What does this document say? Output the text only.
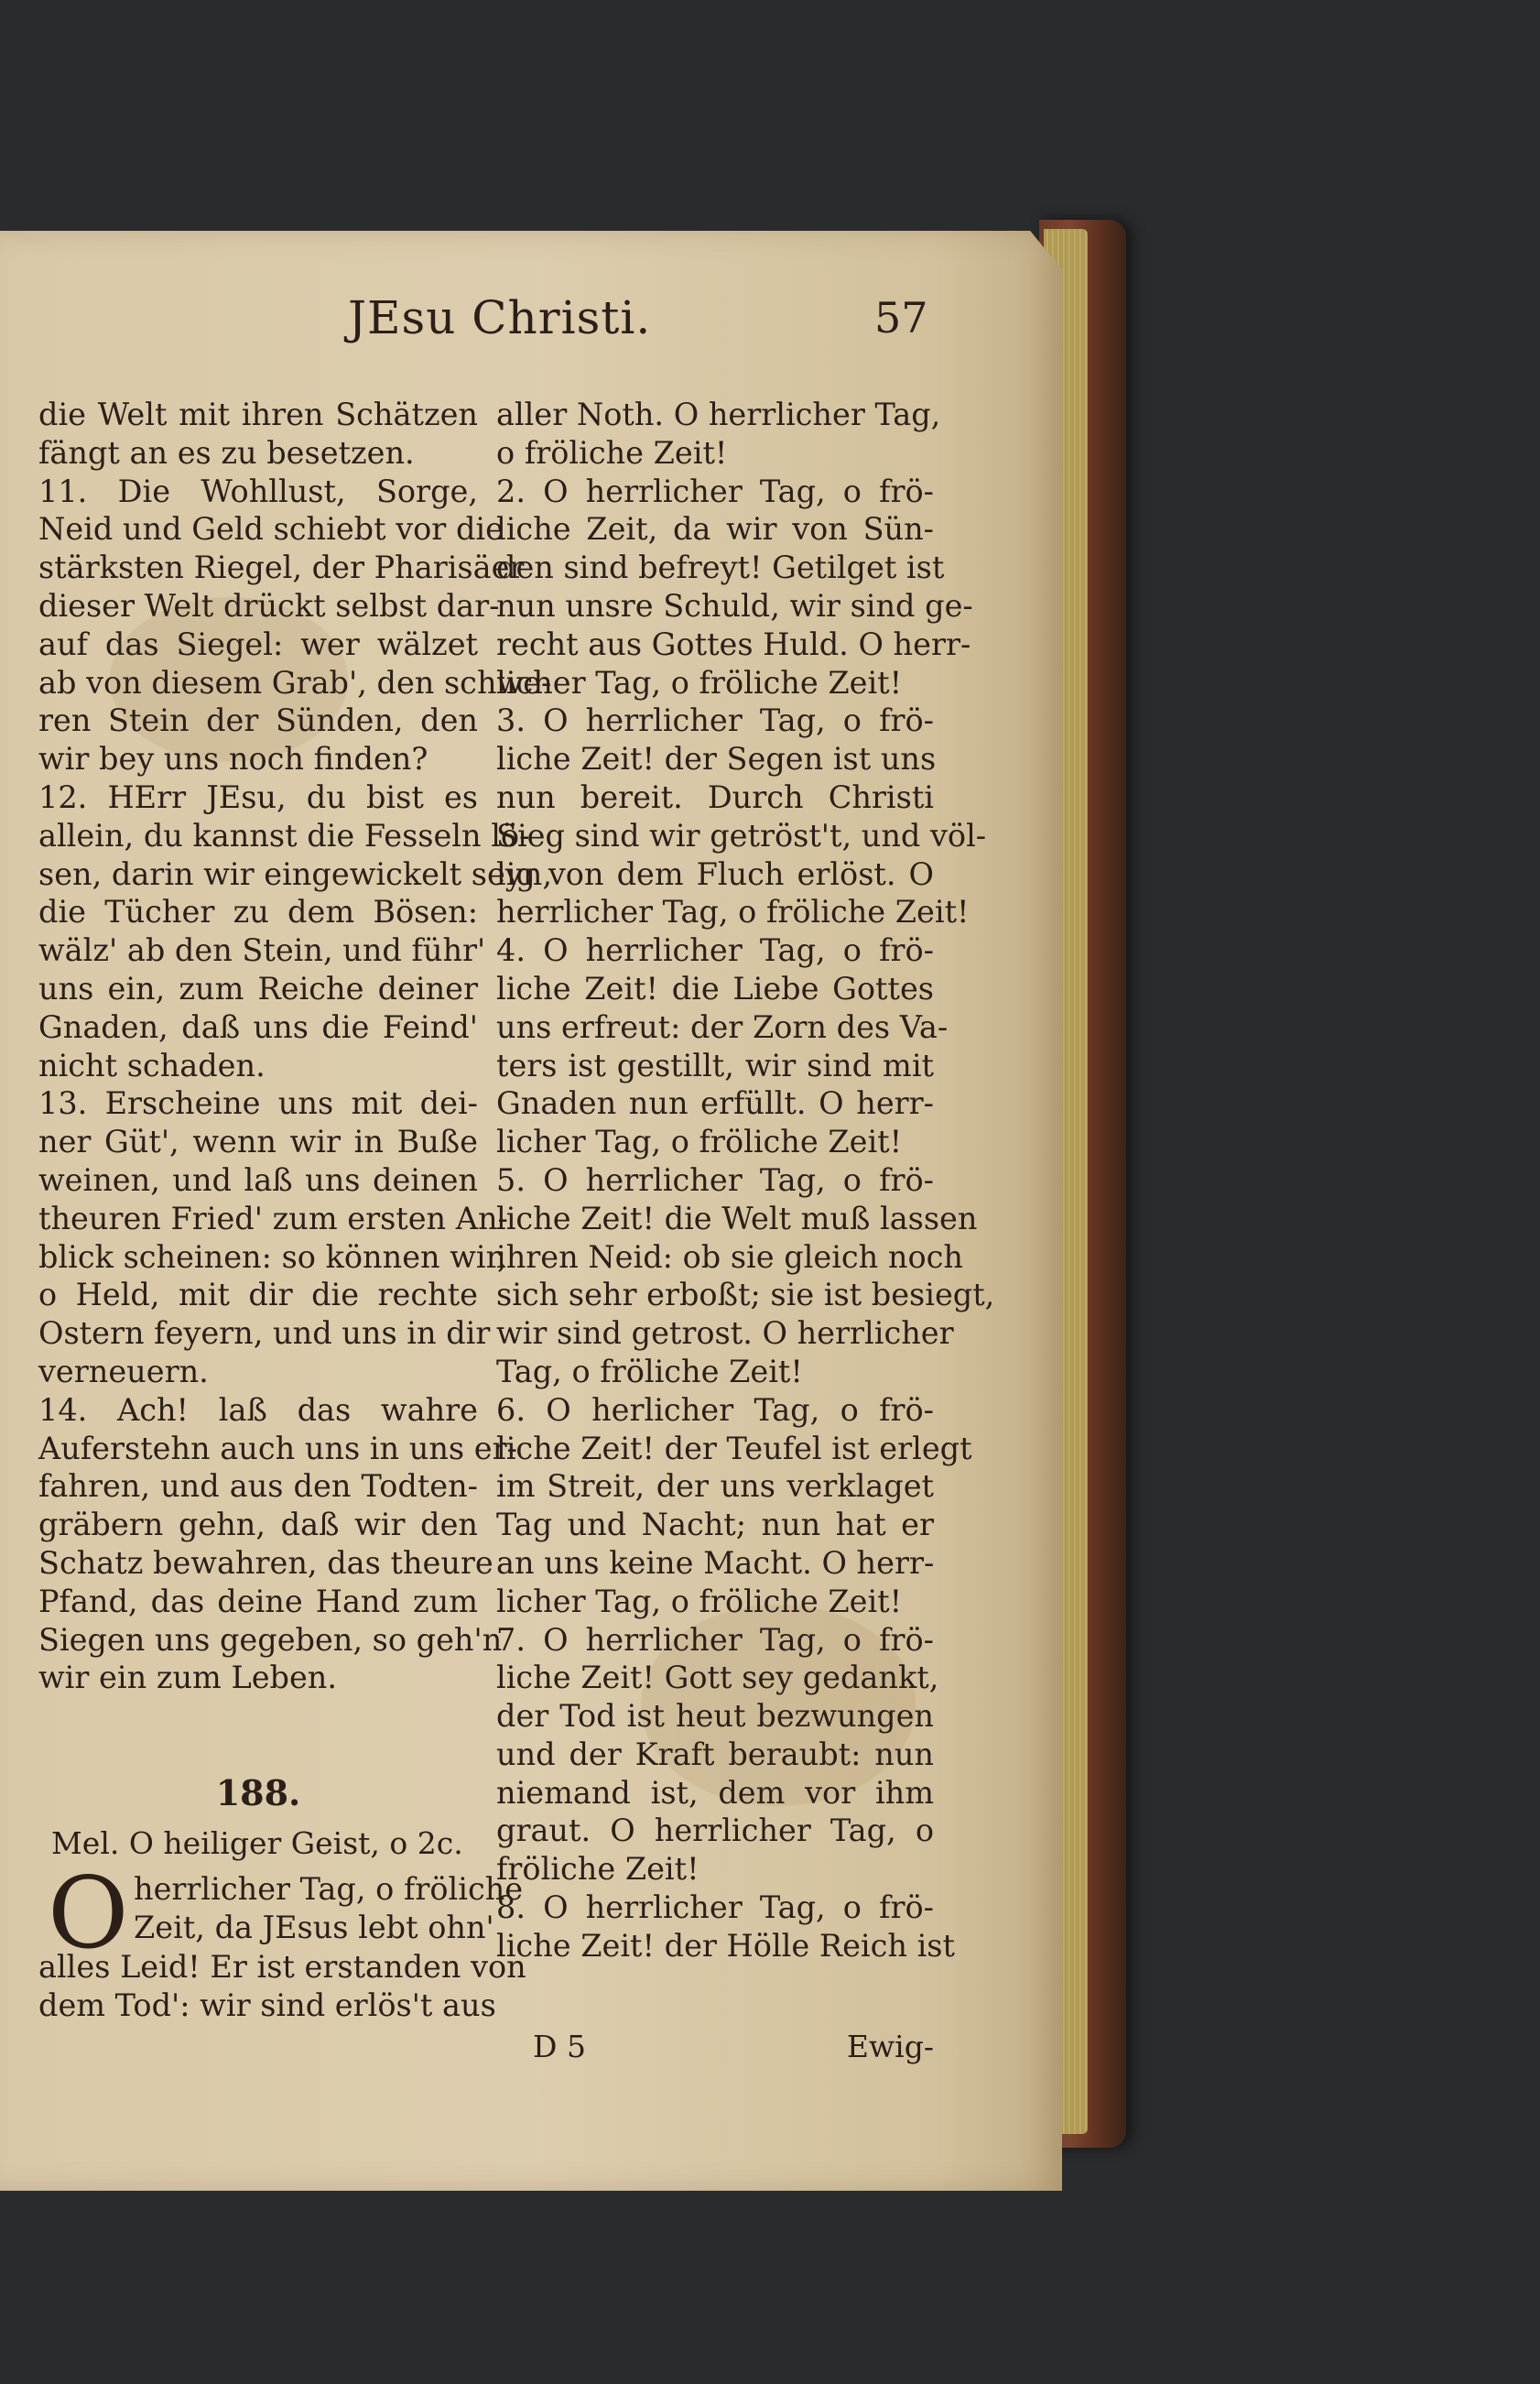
JEsu Christi.	57
die Welt mit ihren Schätzen
fängt an es zu besetzen.
11. Die Wohllust, Sorge,
Neid und Geld schiebt vor die
stärksten Riegel, der Pharisäer
dieser Welt drückt selbst dar-
auf das Siegel: wer wälzet
ab von diesem Grab', den schwe-
ren Stein der Sünden, den
wir bey uns noch finden?
12. HErr JEsu, du bist es
allein, du kannst die Fesseln lö-
sen, darin wir eingewickelt seyn,
die Tücher zu dem Bösen:
wälz' ab den Stein, und führ'
uns ein, zum Reiche deiner
Gnaden, daß uns die Feind'
nicht schaden.
13. Erscheine uns mit dei-
ner Güt', wenn wir in Buße
weinen, und laß uns deinen
theuren Fried' zum ersten An-
blick scheinen: so können wir,
o Held, mit dir die rechte
Ostern feyern, und uns in dir
verneuern.
14. Ach! laß das wahre
Auferstehn auch uns in uns er-
fahren, und aus den Todten-
gräbern gehn, daß wir den
Schatz bewahren, das theure
Pfand, das deine Hand zum
Siegen uns gegeben, so geh'n
wir ein zum Leben.
188.
Mel. O heiliger Geist, o 2c.
O herrlicher Tag, o fröliche
Zeit, da JEsus lebt ohn'
alles Leid! Er ist erstanden von
dem Tod': wir sind erlös't aus
aller Noth. O herrlicher Tag,
o fröliche Zeit!
2. O herrlicher Tag, o frö-
liche Zeit, da wir von Sün-
den sind befreyt! Getilget ist
nun unsre Schuld, wir sind ge-
recht aus Gottes Huld. O herr-
licher Tag, o fröliche Zeit!
3. O herrlicher Tag, o frö-
liche Zeit! der Segen ist uns
nun bereit. Durch Christi
Sieg sind wir getröst't, und völ-
lig von dem Fluch erlöst. O
herrlicher Tag, o fröliche Zeit!
4. O herrlicher Tag, o frö-
liche Zeit! die Liebe Gottes
uns erfreut: der Zorn des Va-
ters ist gestillt, wir sind mit
Gnaden nun erfüllt. O herr-
licher Tag, o fröliche Zeit!
5. O herrlicher Tag, o frö-
liche Zeit! die Welt muß lassen
ihren Neid: ob sie gleich noch
sich sehr erboßt; sie ist besiegt,
wir sind getrost. O herrlicher
Tag, o fröliche Zeit!
6. O herlicher Tag, o frö-
liche Zeit! der Teufel ist erlegt
im Streit, der uns verklaget
Tag und Nacht; nun hat er
an uns keine Macht. O herr-
licher Tag, o fröliche Zeit!
7. O herrlicher Tag, o frö-
liche Zeit! Gott sey gedankt,
der Tod ist heut bezwungen
und der Kraft beraubt: nun
niemand ist, dem vor ihm
graut. O herrlicher Tag, o
fröliche Zeit!
8. O herrlicher Tag, o frö-
liche Zeit! der Hölle Reich ist
D 5	Ewig-
